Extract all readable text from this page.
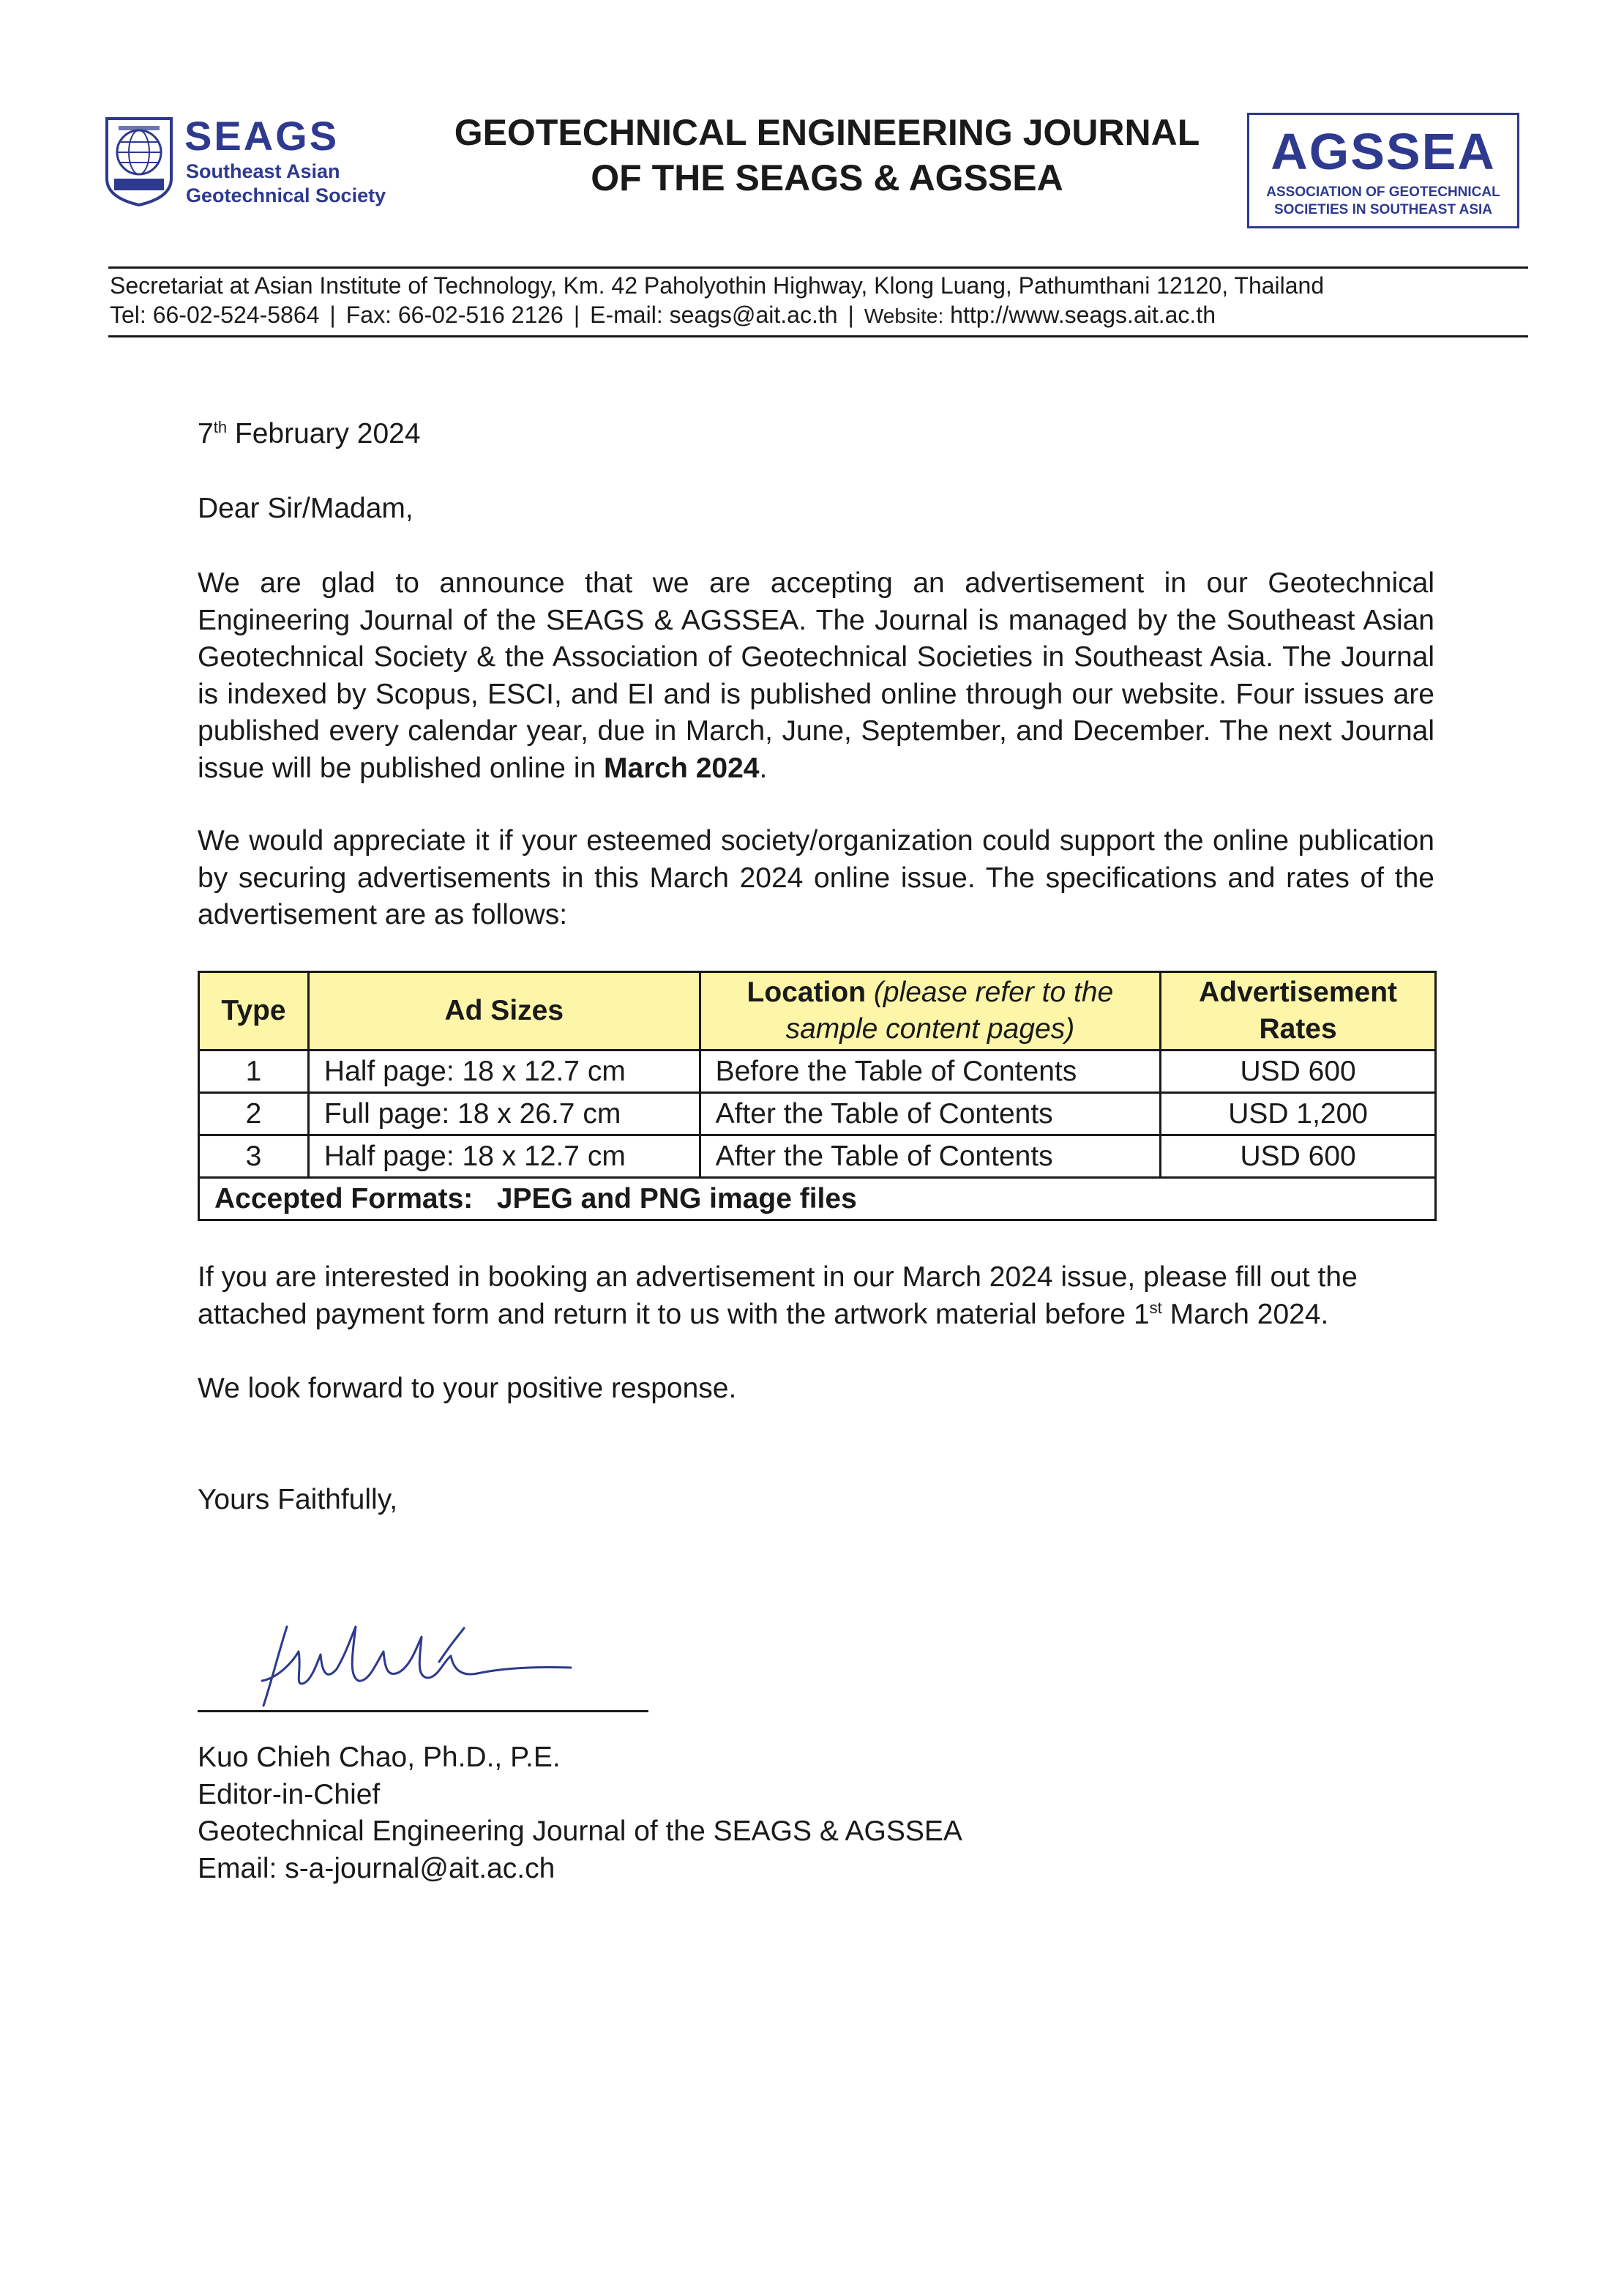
SEAGS
Southeast Asian
Geotechnical Society
GEOTECHNICAL ENGINEERING JOURNAL
OF THE SEAGS & AGSSEA	AGSSEA
ASSOCIATION OF GEOTECHNICAL
SOCIETIES IN SOUTHEAST ASIA
Secretariat at Asian Institute of Technology, Km. 42 Paholyothin Highway, Klong Luang, Pathumthani 12120, Thailand
Tel: 66-02-524-5864 | Fax: 66-02-516 2126 | E-mail: seags@ait.ac.th | Website: http://www.seags.ait.ac.th
7th February 2024
Dear Sir/Madam,
We are glad to announce that we are accepting an advertisement in our Geotechnical Engineering Journal of the SEAGS & AGSSEA. The Journal is managed by the Southeast Asian Geotechnical Society & the Association of Geotechnical Societies in Southeast Asia. The Journal is indexed by Scopus, ESCI, and EI and is published online through our website. Four issues are published every calendar year, due in March, June, September, and December. The next Journal issue will be published online in March 2024.
We would appreciate it if your esteemed society/organization could support the online publication by securing advertisements in this March 2024 online issue. The specifications and rates of the advertisement are as follows:
Type	Ad Sizes	Location (please refer to the sample content pages)	Advertisement Rates
1	Half page: 18 x 12.7 cm	Before the Table of Contents	USD 600
2	Full page: 18 x 26.7 cm	After the Table of Contents	USD 1,200
3	Half page: 18 x 12.7 cm	After the Table of Contents	USD 600
Accepted Formats: JPEG and PNG image files			
If you are interested in booking an advertisement in our March 2024 issue, please fill out the attached payment form and return it to us with the artwork material before 1st March 2024.
We look forward to your positive response.
Yours Faithfully,
Kuo Chieh Chao, Ph.D., P.E.
Editor-in-Chief
Geotechnical Engineering Journal of the SEAGS & AGSSEA
Email: s-a-journal@ait.ac.ch
